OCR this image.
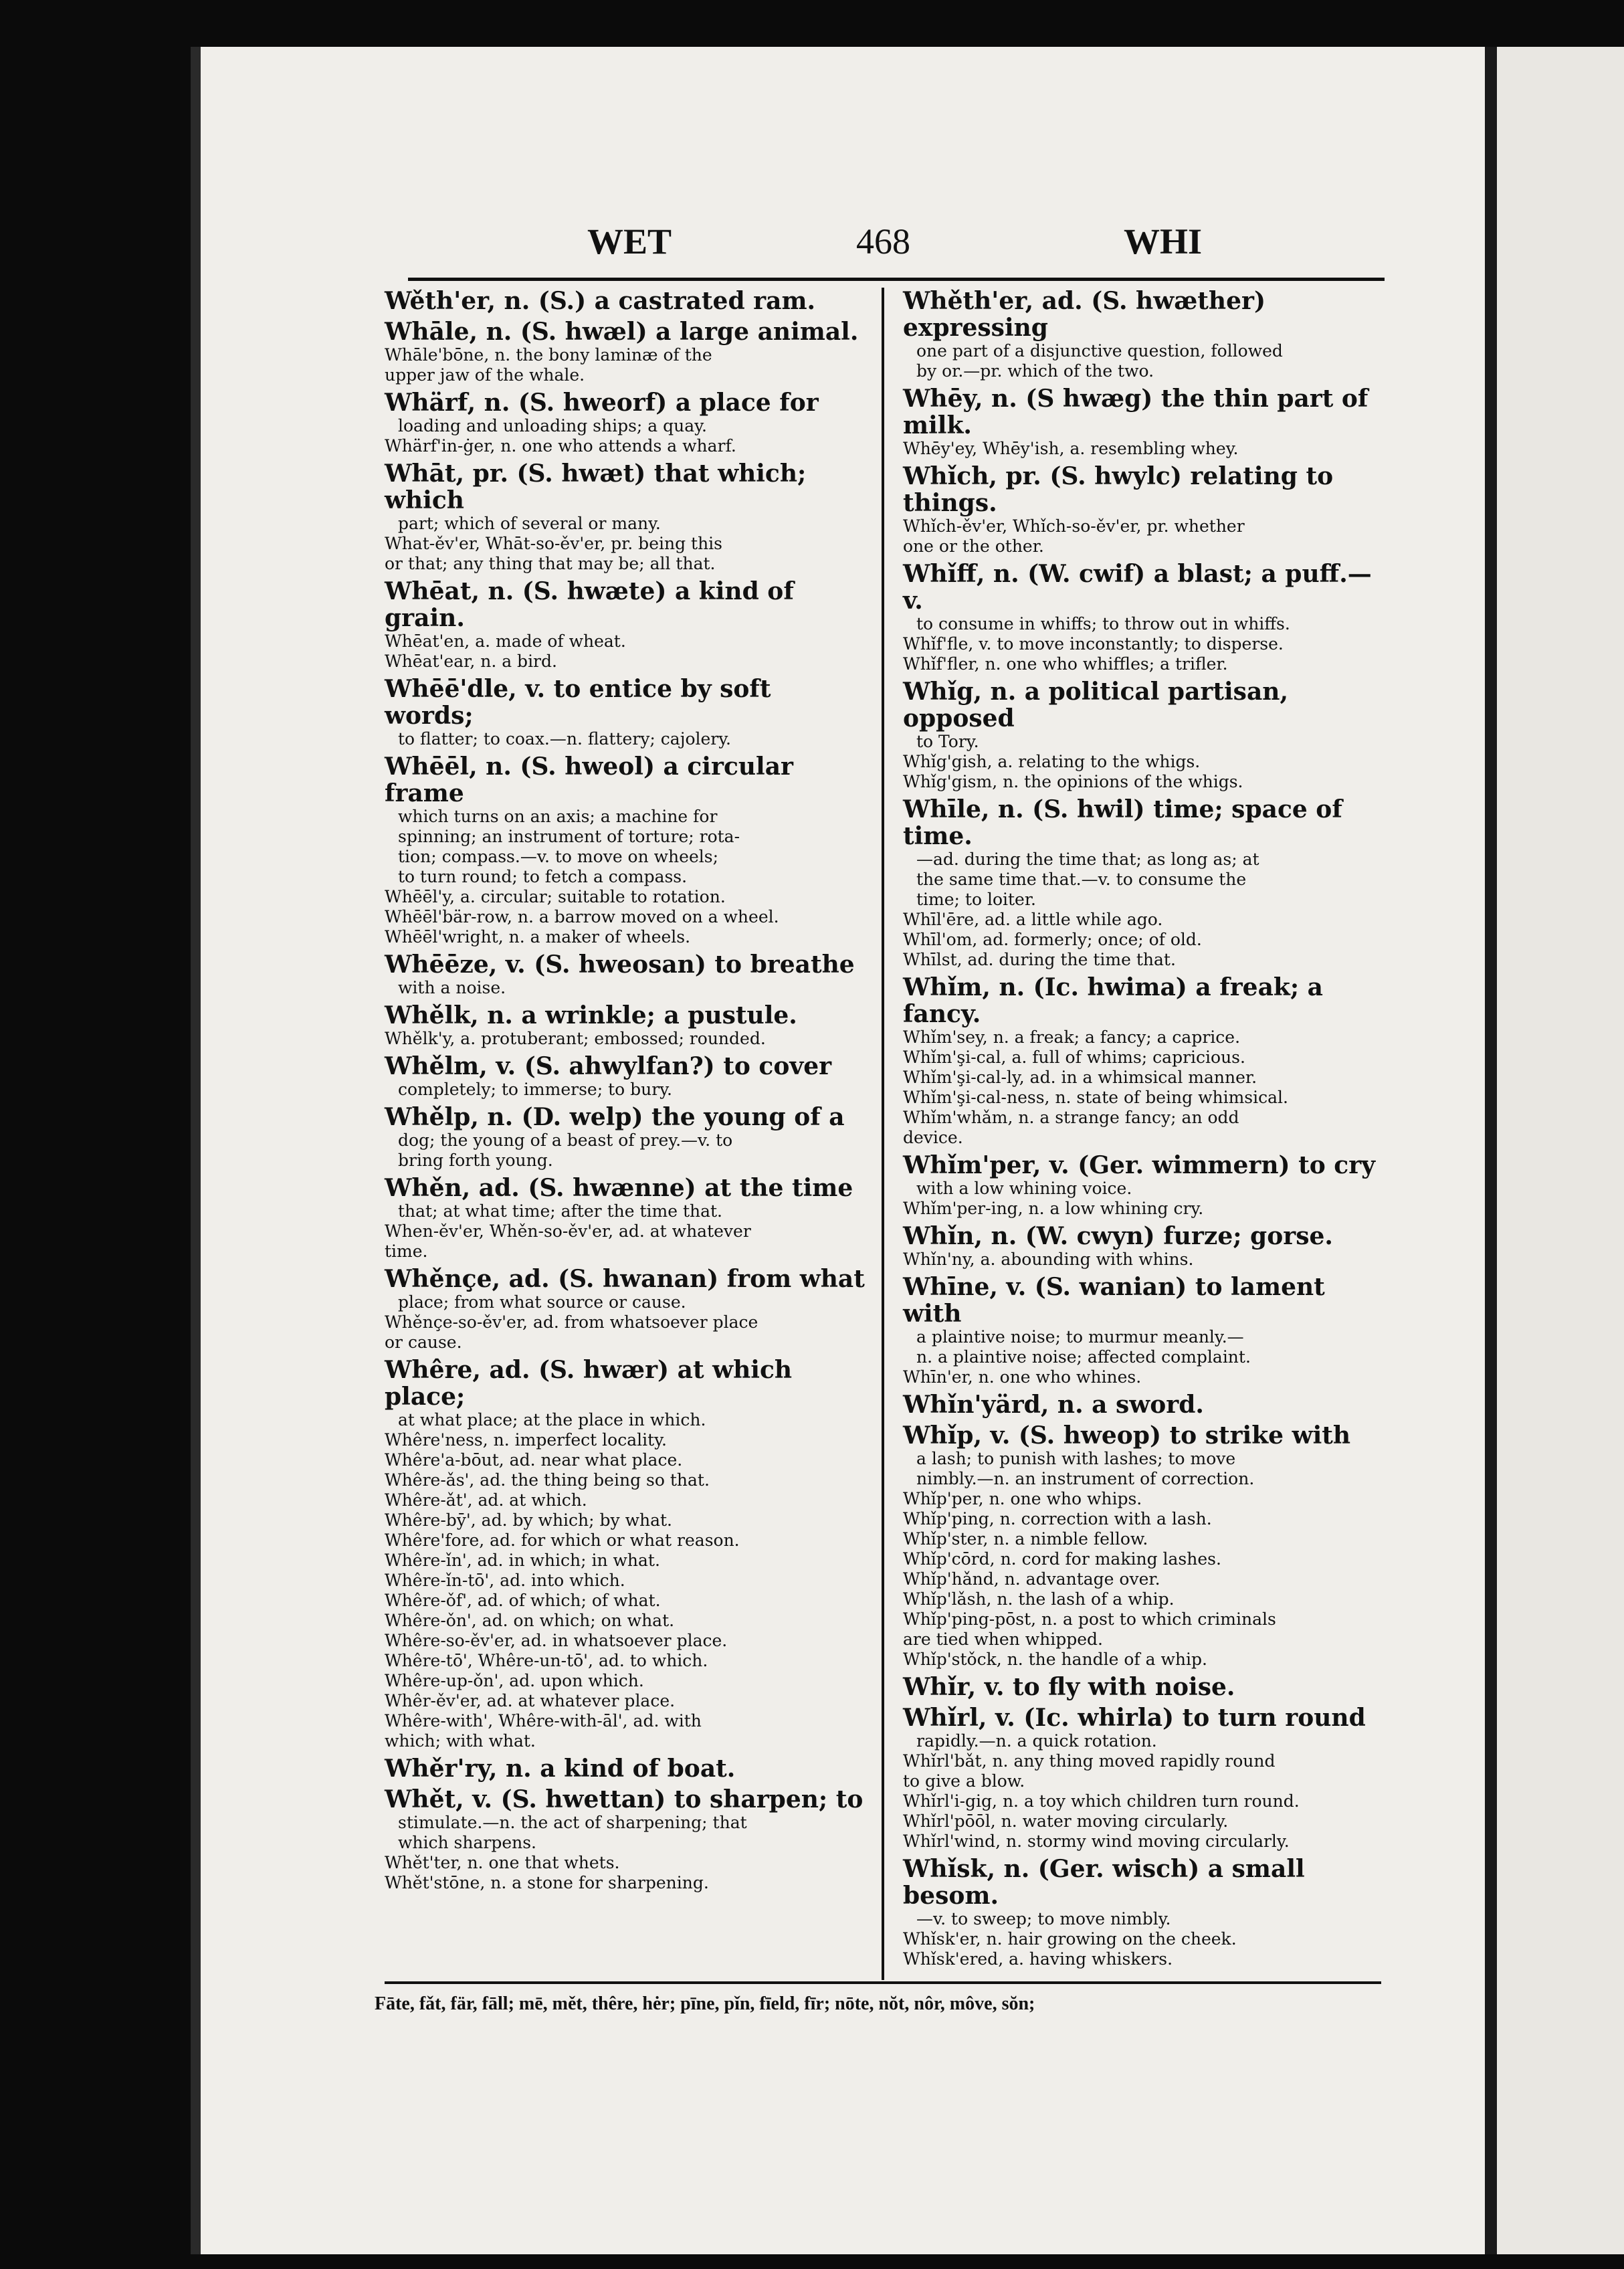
WET	468	WHI

Wěth'er, n. (S.) a castrated ram.

Whāle, n. (S. hwæl) a large animal.

Whāle'bōne, n. the bony laminæ of the

upper jaw of the whale.

Whärf, n. (S. hweorf) a place for

loading and unloading ships; a quay.

Whärf'in-ġer, n. one who attends a wharf.

Whāt, pr. (S. hwæt) that which; which

part; which of several or many.

What-ěv'er, Whāt-so-ěv'er, pr. being this

or that; any thing that may be; all that.

Whēat, n. (S. hwæte) a kind of grain.

Whēat'en, a. made of wheat.

Whēat'ear, n. a bird.

Whēē'dle, v. to entice by soft words;

to flatter; to coax.—n. flattery; cajolery.

Whēēl, n. (S. hweol) a circular frame

which turns on an axis; a machine for

spinning; an instrument of torture; rota-

tion; compass.—v. to move on wheels;

to turn round; to fetch a compass.

Whēēl'y, a. circular; suitable to rotation.

Whēēl'bär-row, n. a barrow moved on a wheel.

Whēēl'wright, n. a maker of wheels.

Whēēze, v. (S. hweosan) to breathe

with a noise.

Whělk, n. a wrinkle; a pustule.

Whělk'y, a. protuberant; embossed; rounded.

Whělm, v. (S. ahwylfan?) to cover

completely; to immerse; to bury.

Whělp, n. (D. welp) the young of a

dog; the young of a beast of prey.—v. to

bring forth young.

Whěn, ad. (S. hwænne) at the time

that; at what time; after the time that.

When-ěv'er, Whěn-so-ěv'er, ad. at whatever

time.

Whěnçe, ad. (S. hwanan) from what

place; from what source or cause.

Whěnçe-so-ěv'er, ad. from whatsoever place

or cause.

Whêre, ad. (S. hwær) at which place;

at what place; at the place in which.

Whêre'ness, n. imperfect locality.

Whêre'a-bōut, ad. near what place.

Whêre-ǎs', ad. the thing being so that.

Whêre-ǎt', ad. at which.

Whêre-bȳ', ad. by which; by what.

Whêre'fore, ad. for which or what reason.

Whêre-ǐn', ad. in which; in what.

Whêre-ǐn-tō', ad. into which.

Whêre-ǒf', ad. of which; of what.

Whêre-ǒn', ad. on which; on what.

Whêre-so-ěv'er, ad. in whatsoever place.

Whêre-tō', Whêre-un-tō', ad. to which.

Whêre-up-ǒn', ad. upon which.

Whêr-ěv'er, ad. at whatever place.

Whêre-with', Whêre-with-āl', ad. with

which; with what.

Whěr'ry, n. a kind of boat.

Whět, v. (S. hwettan) to sharpen; to

stimulate.—n. the act of sharpening; that

which sharpens.

Whět'ter, n. one that whets.

Whět'stōne, n. a stone for sharpening.

Whěth'er, ad. (S. hwæther) expressing

one part of a disjunctive question, followed

by or.—pr. which of the two.

Whēy, n. (S hwæg) the thin part of milk.

Whēy'ey, Whēy'ish, a. resembling whey.

Whǐch, pr. (S. hwylc) relating to things.

Whǐch-ěv'er, Whǐch-so-ěv'er, pr. whether

one or the other.

Whǐff, n. (W. cwif) a blast; a puff.—v.

to consume in whiffs; to throw out in whiffs.

Whǐf'fle, v. to move inconstantly; to disperse.

Whǐf'fler, n. one who whiffles; a trifler.

Whǐg, n. a political partisan, opposed

to Tory.

Whǐg'gish, a. relating to the whigs.

Whǐg'gism, n. the opinions of the whigs.

Whīle, n. (S. hwil) time; space of time.

—ad. during the time that; as long as; at

the same time that.—v. to consume the

time; to loiter.

Whīl'ēre, ad. a little while ago.

Whīl'om, ad. formerly; once; of old.

Whīlst, ad. during the time that.

Whǐm, n. (Ic. hwima) a freak; a fancy.

Whǐm'sey, n. a freak; a fancy; a caprice.

Whǐm'şi-cal, a. full of whims; capricious.

Whǐm'şi-cal-ly, ad. in a whimsical manner.

Whǐm'şi-cal-ness, n. state of being whimsical.

Whǐm'whǎm, n. a strange fancy; an odd

device.

Whǐm'per, v. (Ger. wimmern) to cry

with a low whining voice.

Whǐm'per-ing, n. a low whining cry.

Whǐn, n. (W. cwyn) furze; gorse.

Whǐn'ny, a. abounding with whins.

Whīne, v. (S. wanian) to lament with

a plaintive noise; to murmur meanly.—

n. a plaintive noise; affected complaint.

Whīn'er, n. one who whines.

Whǐn'yärd, n. a sword.

Whǐp, v. (S. hweop) to strike with

a lash; to punish with lashes; to move

nimbly.—n. an instrument of correction.

Whǐp'per, n. one who whips.

Whǐp'ping, n. correction with a lash.

Whǐp'ster, n. a nimble fellow.

Whǐp'cōrd, n. cord for making lashes.

Whǐp'hǎnd, n. advantage over.

Whǐp'lǎsh, n. the lash of a whip.

Whǐp'ping-pōst, n. a post to which criminals

are tied when whipped.

Whǐp'stǒck, n. the handle of a whip.

Whǐr, v. to fly with noise.

Whǐrl, v. (Ic. whirla) to turn round

rapidly.—n. a quick rotation.

Whǐrl'bǎt, n. any thing moved rapidly round

to give a blow.

Whǐrl'i-gig, n. a toy which children turn round.

Whǐrl'pōōl, n. water moving circularly.

Whǐrl'wind, n. stormy wind moving circularly.

Whǐsk, n. (Ger. wisch) a small besom.

—v. to sweep; to move nimbly.

Whǐsk'er, n. hair growing on the cheek.

Whǐsk'ered, a. having whiskers.

Fāte, fǎt, fär, fāll; mē, mět, thêre, hėr; pīne, pǐn, fīeld, fīr; nōte, nŏt, nôr, môve, sŏn;
